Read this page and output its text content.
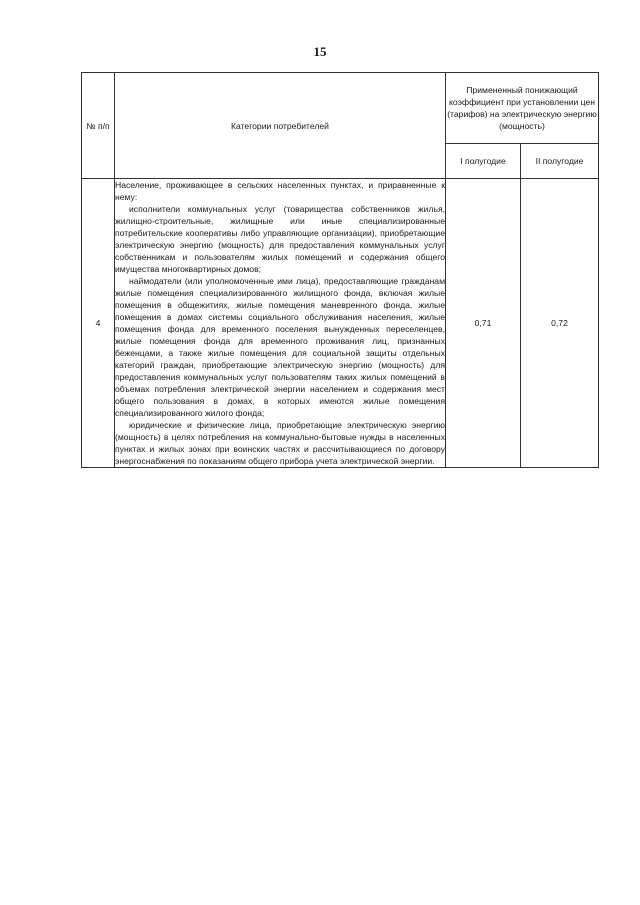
15
№ п/п	Категории потребителей	Примененный понижающий коэффициент при установлении цен (тарифов) на электрическую энергию (мощность)	
		I полугодие	II полугодие
4	Население, проживающее в сельских населенных пунктах, и приравненные к нему:

исполнители коммунальных услуг (товарищества собственников жилья, жилищно-строительные, жилищные или иные специализированные потребительские кооперативы либо управляющие организации), приобретающие электрическую энергию (мощность) для предоставления коммунальных услуг собственникам и пользователям жилых помещений и содержания общего имущества многоквартирных домов;

наймодатели (или уполномоченные ими лица), предоставляющие гражданам жилые помещения специализированного жилищного фонда, включая жилые помещения в общежитиях, жилые помещения маневренного фонда, жилые помещения в домах системы социального обслуживания населения, жилые помещения фонда для временного поселения вынужденных переселенцев, жилые помещения фонда для временного проживания лиц, признанных беженцами, а также жилые помещения для социальной защиты отдельных категорий граждан, приобретающие электрическую энергию (мощность) для предоставления коммунальных услуг пользователям таких жилых помещений в объемах потребления электрической энергии населением и содержания мест общего пользования в домах, в которых имеются жилые помещения специализированного жилого фонда;

юридические и физические лица, приобретающие электрическую энергию (мощность) в целях потребления на коммунально-бытовые нужды в населенных пунктах и жилых зонах при воинских частях и рассчитывающиеся по договору энергоснабжения по показаниям общего прибора учета электрической энергии.	0,71	0,72
